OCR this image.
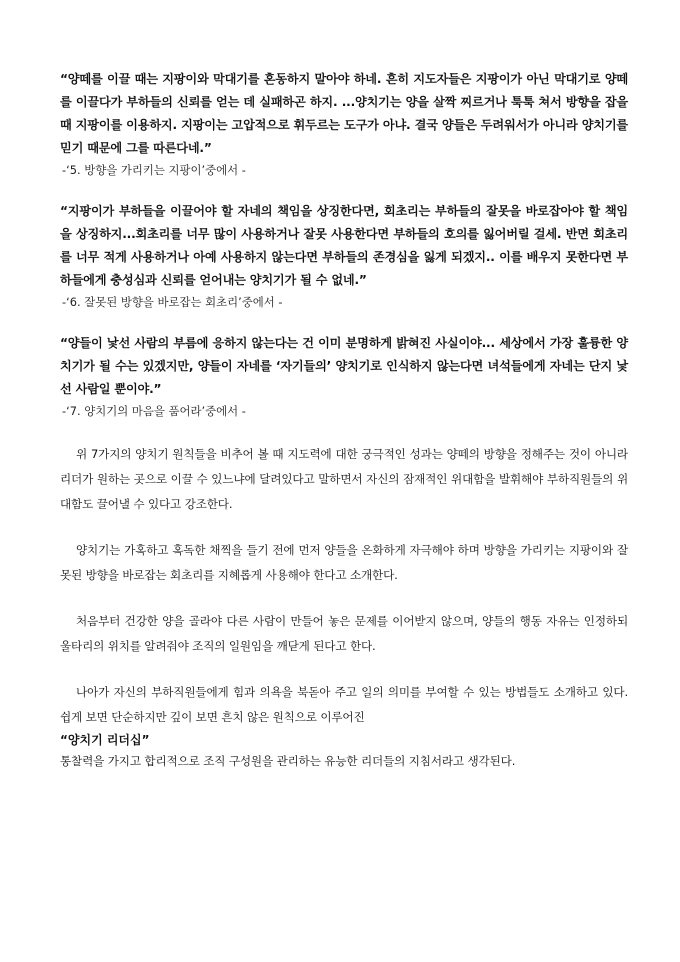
“양떼를 이끌 때는 지팡이와 막대기를 혼동하지 말아야 하네. 흔히 지도자들은 지팡이가 아닌 막대기로 양떼를 이끌다가 부하들의 신뢰를 얻는 데 실패하곤 하지. ...양치기는 양을 살짝 찌르거나 툭툭 쳐서 방향을 잡을 때 지팡이를 이용하지. 지팡이는 고압적으로 휘두르는 도구가 아냐. 결국 양들은 두려워서가 아니라 양치기를 믿기 때문에 그를 따른다네.”

-‘5. 방향을 가리키는 지팡이’중에서 -

“지팡이가 부하들을 이끌어야 할 자네의 책임을 상징한다면, 회초리는 부하들의 잘못을 바로잡아야 할 책임을 상징하지...회초리를 너무 많이 사용하거나 잘못 사용한다면 부하들의 호의를 잃어버릴 걸세. 반면 회초리를 너무 적게 사용하거나 아예 사용하지 않는다면 부하들의 존경심을 잃게 되겠지.. 이를 배우지 못한다면 부하들에게 충성심과 신뢰를 얻어내는 양치기가 될 수 없네.”

-‘6. 잘못된 방향을 바로잡는 회초리’중에서 -

“양들이 낯선 사람의 부름에 응하지 않는다는 건 이미 분명하게 밝혀진 사실이야... 세상에서 가장 훌륭한 양치기가 될 수는 있겠지만, 양들이 자네를 ‘자기들의’ 양치기로 인식하지 않는다면 녀석들에게 자네는 단지 낯선 사람일 뿐이야.”

-‘7. 양치기의 마음을 품어라’중에서 -

위 7가지의 양치기 원칙들을 비추어 볼 때 지도력에 대한 궁극적인 성과는 양떼의 방향을 정해주는 것이 아니라 리더가 원하는 곳으로 이끌 수 있느냐에 달려있다고 말하면서 자신의 잠재적인 위대함을 발휘해야 부하직원들의 위대함도 끌어낼 수 있다고 강조한다.

양치기는 가혹하고 혹독한 채찍을 들기 전에 먼저 양들을 온화하게 자극해야 하며 방향을 가리키는 지팡이와 잘못된 방향을 바로잡는 회초리를 지혜롭게 사용해야 한다고 소개한다.

처음부터 건강한 양을 골라야 다른 사람이 만들어 놓은 문제를 이어받지 않으며, 양들의 행동 자유는 인정하되 울타리의 위치를 알려줘야 조직의 일원임을 깨닫게 된다고 한다.

나아가 자신의 부하직원들에게 힘과 의욕을 북돋아 주고 일의 의미를 부여할 수 있는 방법들도 소개하고 있다. 쉽게 보면 단순하지만 깊이 보면 흔치 않은 원칙으로 이루어진

“양치기 리더십”

통찰력을 가지고 합리적으로 조직 구성원을 관리하는 유능한 리더들의 지침서라고 생각된다.
